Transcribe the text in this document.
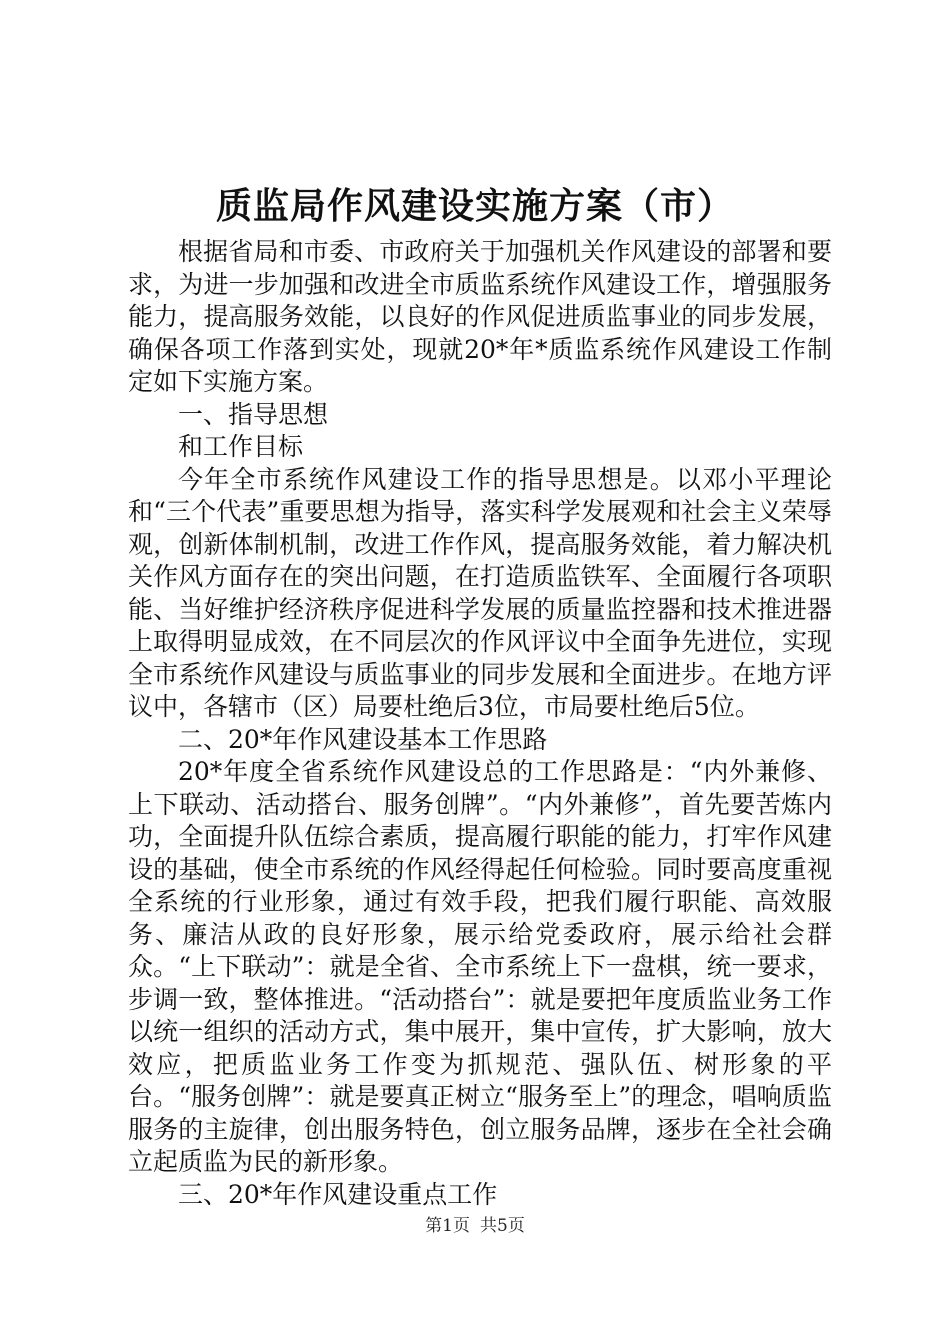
质监局作风建设实施方案（市）

根据省局和市委、市政府关于加强机关作风建设的部署和要求，为进一步加强和改进全市质监系统作风建设工作，增强服务能力，提高服务效能，以良好的作风促进质监事业的同步发展，确保各项工作落到实处，现就20*年*质监系统作风建设工作制定如下实施方案。

一、指导思想

和工作目标

今年全市系统作风建设工作的指导思想是。以邓小平理论和“三个代表”重要思想为指导，落实科学发展观和社会主义荣辱观，创新体制机制，改进工作作风，提高服务效能，着力解决机关作风方面存在的突出问题，在打造质监铁军、全面履行各项职能、当好维护经济秩序促进科学发展的质量监控器和技术推进器上取得明显成效，在不同层次的作风评议中全面争先进位，实现全市系统作风建设与质监事业的同步发展和全面进步。在地方评议中，各辖市（区）局要杜绝后3位，市局要杜绝后5位。

二、20*年作风建设基本工作思路

20*年度全省系统作风建设总的工作思路是：“内外兼修、上下联动、活动搭台、服务创牌”。“内外兼修”，首先要苦炼内功，全面提升队伍综合素质，提高履行职能的能力，打牢作风建设的基础，使全市系统的作风经得起任何检验。同时要高度重视全系统的行业形象，通过有效手段，把我们履行职能、高效服务、廉洁从政的良好形象，展示给党委政府，展示给社会群众。“上下联动”：就是全省、全市系统上下一盘棋，统一要求，步调一致，整体推进。“活动搭台”：就是要把年度质监业务工作以统一组织的活动方式，集中展开，集中宣传，扩大影响，放大效应，把质监业务工作变为抓规范、强队伍、树形象的平台。“服务创牌”：就是要真正树立“服务至上”的理念，唱响质监服务的主旋律，创出服务特色，创立服务品牌，逐步在全社会确立起质监为民的新形象。

三、20*年作风建设重点工作

第1页 共5页
